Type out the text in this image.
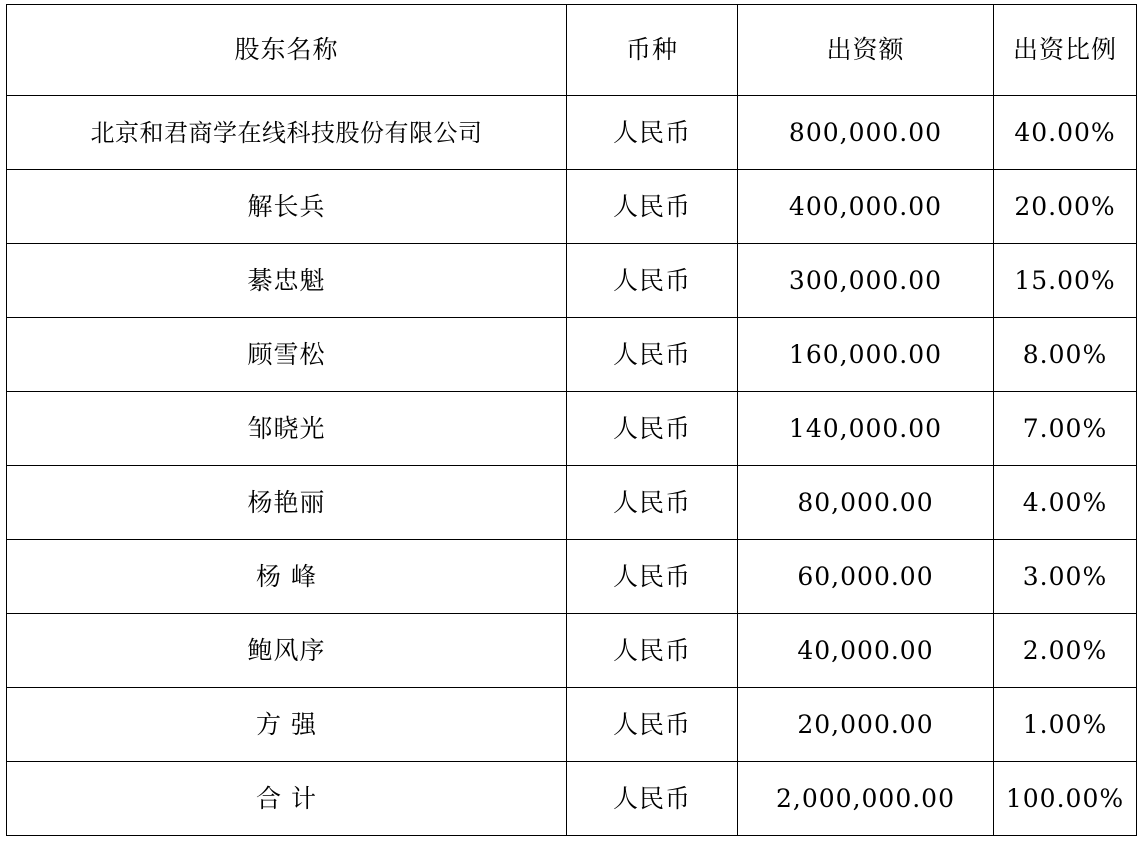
股东名称	币种	出资额	出资比例
北京和君商学在线科技股份有限公司	人民币	800,000.00	40.00%
解长兵	人民币	400,000.00	20.00%
綦忠魁	人民币	300,000.00	15.00%
顾雪松	人民币	160,000.00	8.00%
邹晓光	人民币	140,000.00	7.00%
杨艳丽	人民币	80,000.00	4.00%
杨 峰	人民币	60,000.00	3.00%
鲍风序	人民币	40,000.00	2.00%
方 强	人民币	20,000.00	1.00%
合 计	人民币	2,000,000.00	100.00%
